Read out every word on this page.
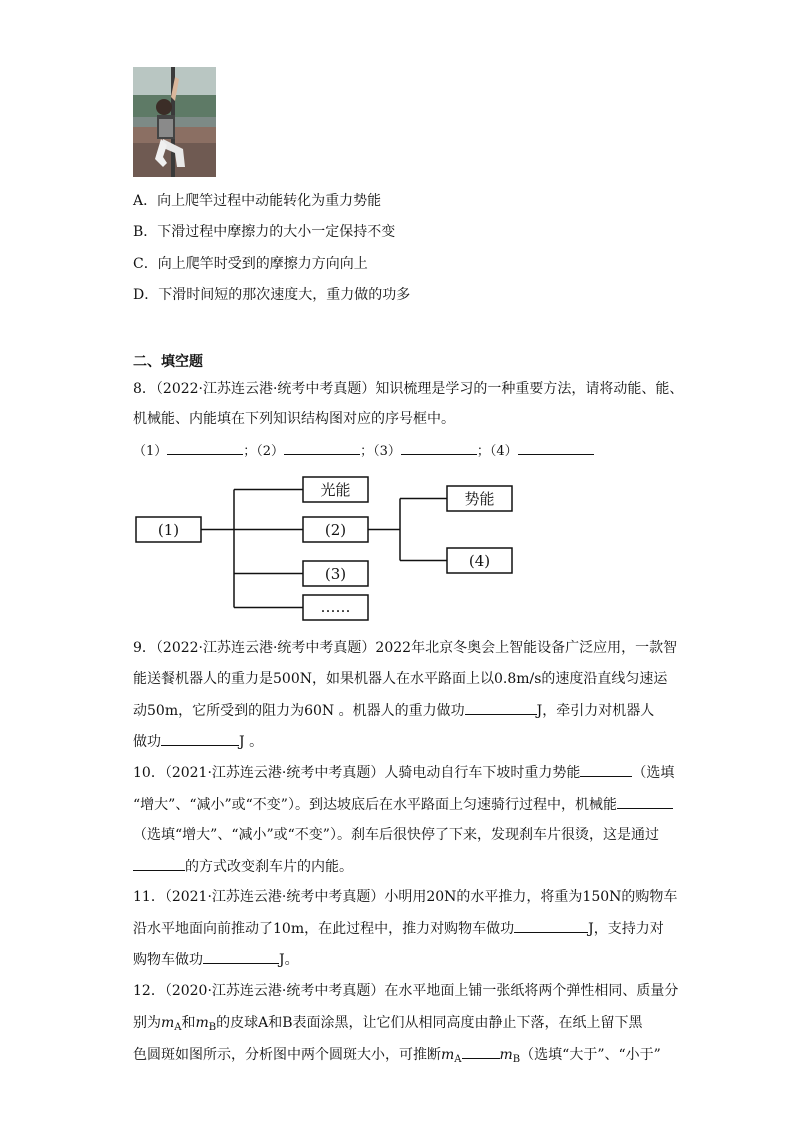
A．向上爬竿过程中动能转化为重力势能
B．下滑过程中摩擦力的大小一定保持不变
C．向上爬竿时受到的摩擦力方向向上
D．下滑时间短的那次速度大，重力做的功多
二、填空题
8．（2022·江苏连云港·统考中考真题）知识梳理是学习的一种重要方法，请将动能、能、
机械能、内能填在下列知识结构图对应的序号框中。
（1）	；（2）	；（3）	；（4）
(1)
光能
(2)
(3)
……
势能
(4)
9．（2022·江苏连云港·统考中考真题）2022年北京冬奥会上智能设备广泛应用，一款智
能送餐机器人的重力是500N，如果机器人在水平路面上以0.8m/s的速度沿直线匀速运
动50m，它所受到的阻力为60N 。机器人的重力做功	J，牵引力对机器人
做功	J 。
10．（2021·江苏连云港·统考中考真题）人骑电动自行车下坡时重力势能	（选填
“增大”、“减小”或“不变”）。到达坡底后在水平路面上匀速骑行过程中，机械能
（选填“增大”、“减小”或“不变”）。刹车后很快停了下来，发现刹车片很烫，这是通过
的方式改变刹车片的内能。
11．（2021·江苏连云港·统考中考真题）小明用20N的水平推力，将重为150N的购物车
沿水平地面向前推动了10m，在此过程中，推力对购物车做功	J，支持力对
购物车做功	J。
12．（2020·江苏连云港·统考中考真题）在水平地面上铺一张纸将两个弹性相同、质量分
别为$m_A$和$m_B$的皮球A和B表面涂黑，让它们从相同高度由静止下落，在纸上留下黑
色圆斑如图所示，分析图中两个圆斑大小，可推断$m_A$	$m_B$（选填“大于”、“小于”
